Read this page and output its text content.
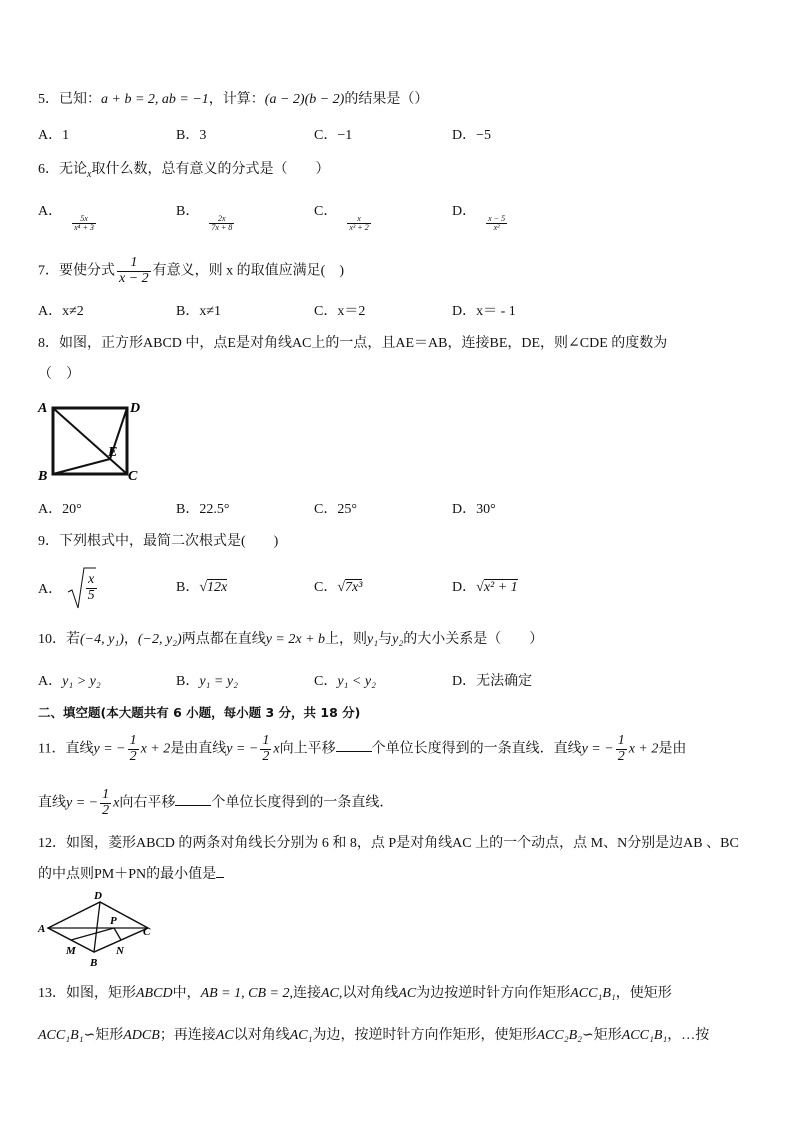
5．已知：a + b = 2, ab = −1，计算：(a − 2)(b − 2)的结果是（）
A．1	B．3	C．−1	D．−5
6．无论$_x$取什么数，总有意义的分式是（　　）
A．
$\frac{5x}{\text{x⁴ + 3}}$
B．
$\frac{2x}{7x + 8}$
C．
$\frac{x}{\text{x³ + 2}}$
D．
$\frac{x - 5}{\text{x²}}$
7．要使分式 $\frac{1}{x - 2}$ 有意义，则 x 的取值应满足(　)
A．x≠2	B．x≠1	C．x＝2	D．x＝ - 1
8．如图，正方形ABCD 中，点E是对角线AC上的一点，且AE＝AB，连接BE，DE，则∠CDE 的度数为
（　）
A	D
B	C
E
A．20°	B．22.5°	C．25°	D．30°
9．下列根式中，最简二次根式是(　　)
A． $\frac{x}{5}$	B．√12x	C．√7x³	D．√x² + 1
10．若(−4, y₁)，(−2, y₂)两点都在直线y = 2x + b上，则y₁与y₂的大小关系是（　　）
A．y₁ > y₂	B．y₁ = y₂	C．y₁ < y₂	D．无法确定
二、填空题(本大题共有 6 小题，每小题 3 分，共 18 分)
11．直线y = − $\frac{1}{2}$ x + 2是由直线y = − $\frac{1}{2}$ x向上平移	个单位长度得到的一条直线．直线y = − $\frac{1}{2}$ x + 2是由
直线y = − $\frac{1}{2}$ x向右平移	个单位长度得到的一条直线．
12．如图，菱形ABCD 的两条对角线长分别为 6 和 8，点 P是对角线AC 上的一个动点，点 M、N分别是边AB 、BC
的中点则PM＋PN的最小值是
A
D
C
B
P
M	N
13．如图，矩形ABCD中，AB = 1, CB = 2,连接AC,以对角线AC为边按逆时针方向作矩形ACC₁B₁，使矩形
ACC₁B₁∽矩形ADCB；再连接AC以对角线AC₁为边，按逆时针方向作矩形，使矩形ACC₂B₂∽矩形ACC₁B₁，…按
